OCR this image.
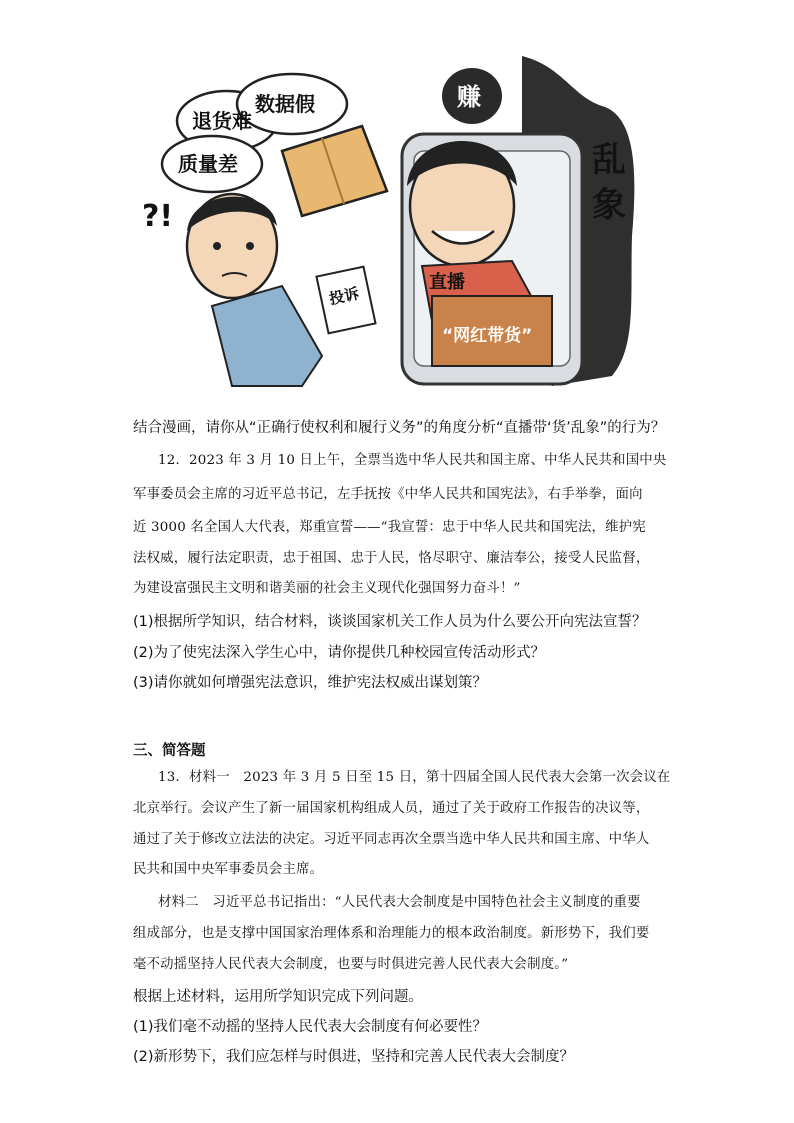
乱
象
退货难
数据假
质量差
?!
赚
投诉
直播
“网红带货”
结合漫画，请你从“正确行使权利和履行义务”的角度分析“直播带‘货’乱象”的行为？
12．2023 年 3 月 10 日上午，全票当选中华人民共和国主席、中华人民共和国中央
军事委员会主席的习近平总书记，左手抚按《中华人民共和国宪法》，右手举拳，面向
近 3000 名全国人大代表，郑重宣誓——“我宣誓：忠于中华人民共和国宪法，维护宪
法权威，履行法定职责，忠于祖国、忠于人民，恪尽职守、廉洁奉公，接受人民监督，
为建设富强民主文明和谐美丽的社会主义现代化强国努力奋斗！”
(1)根据所学知识，结合材料，谈谈国家机关工作人员为什么要公开向宪法宣誓？
(2)为了使宪法深入学生心中，请你提供几种校园宣传活动形式？
(3)请你就如何增强宪法意识，维护宪法权威出谋划策？
三、简答题
13．材料一　2023 年 3 月 5 日至 15 日，第十四届全国人民代表大会第一次会议在
北京举行。会议产生了新一届国家机构组成人员，通过了关于政府工作报告的决议等，
通过了关于修改立法法的决定。习近平同志再次全票当选中华人民共和国主席、中华人
民共和国中央军事委员会主席。
材料二　习近平总书记指出：“人民代表大会制度是中国特色社会主义制度的重要
组成部分，也是支撑中国国家治理体系和治理能力的根本政治制度。新形势下，我们要
毫不动摇坚持人民代表大会制度，也要与时俱进完善人民代表大会制度。”
根据上述材料，运用所学知识完成下列问题。
(1)我们毫不动摇的坚持人民代表大会制度有何必要性？
(2)新形势下，我们应怎样与时俱进，坚持和完善人民代表大会制度？
